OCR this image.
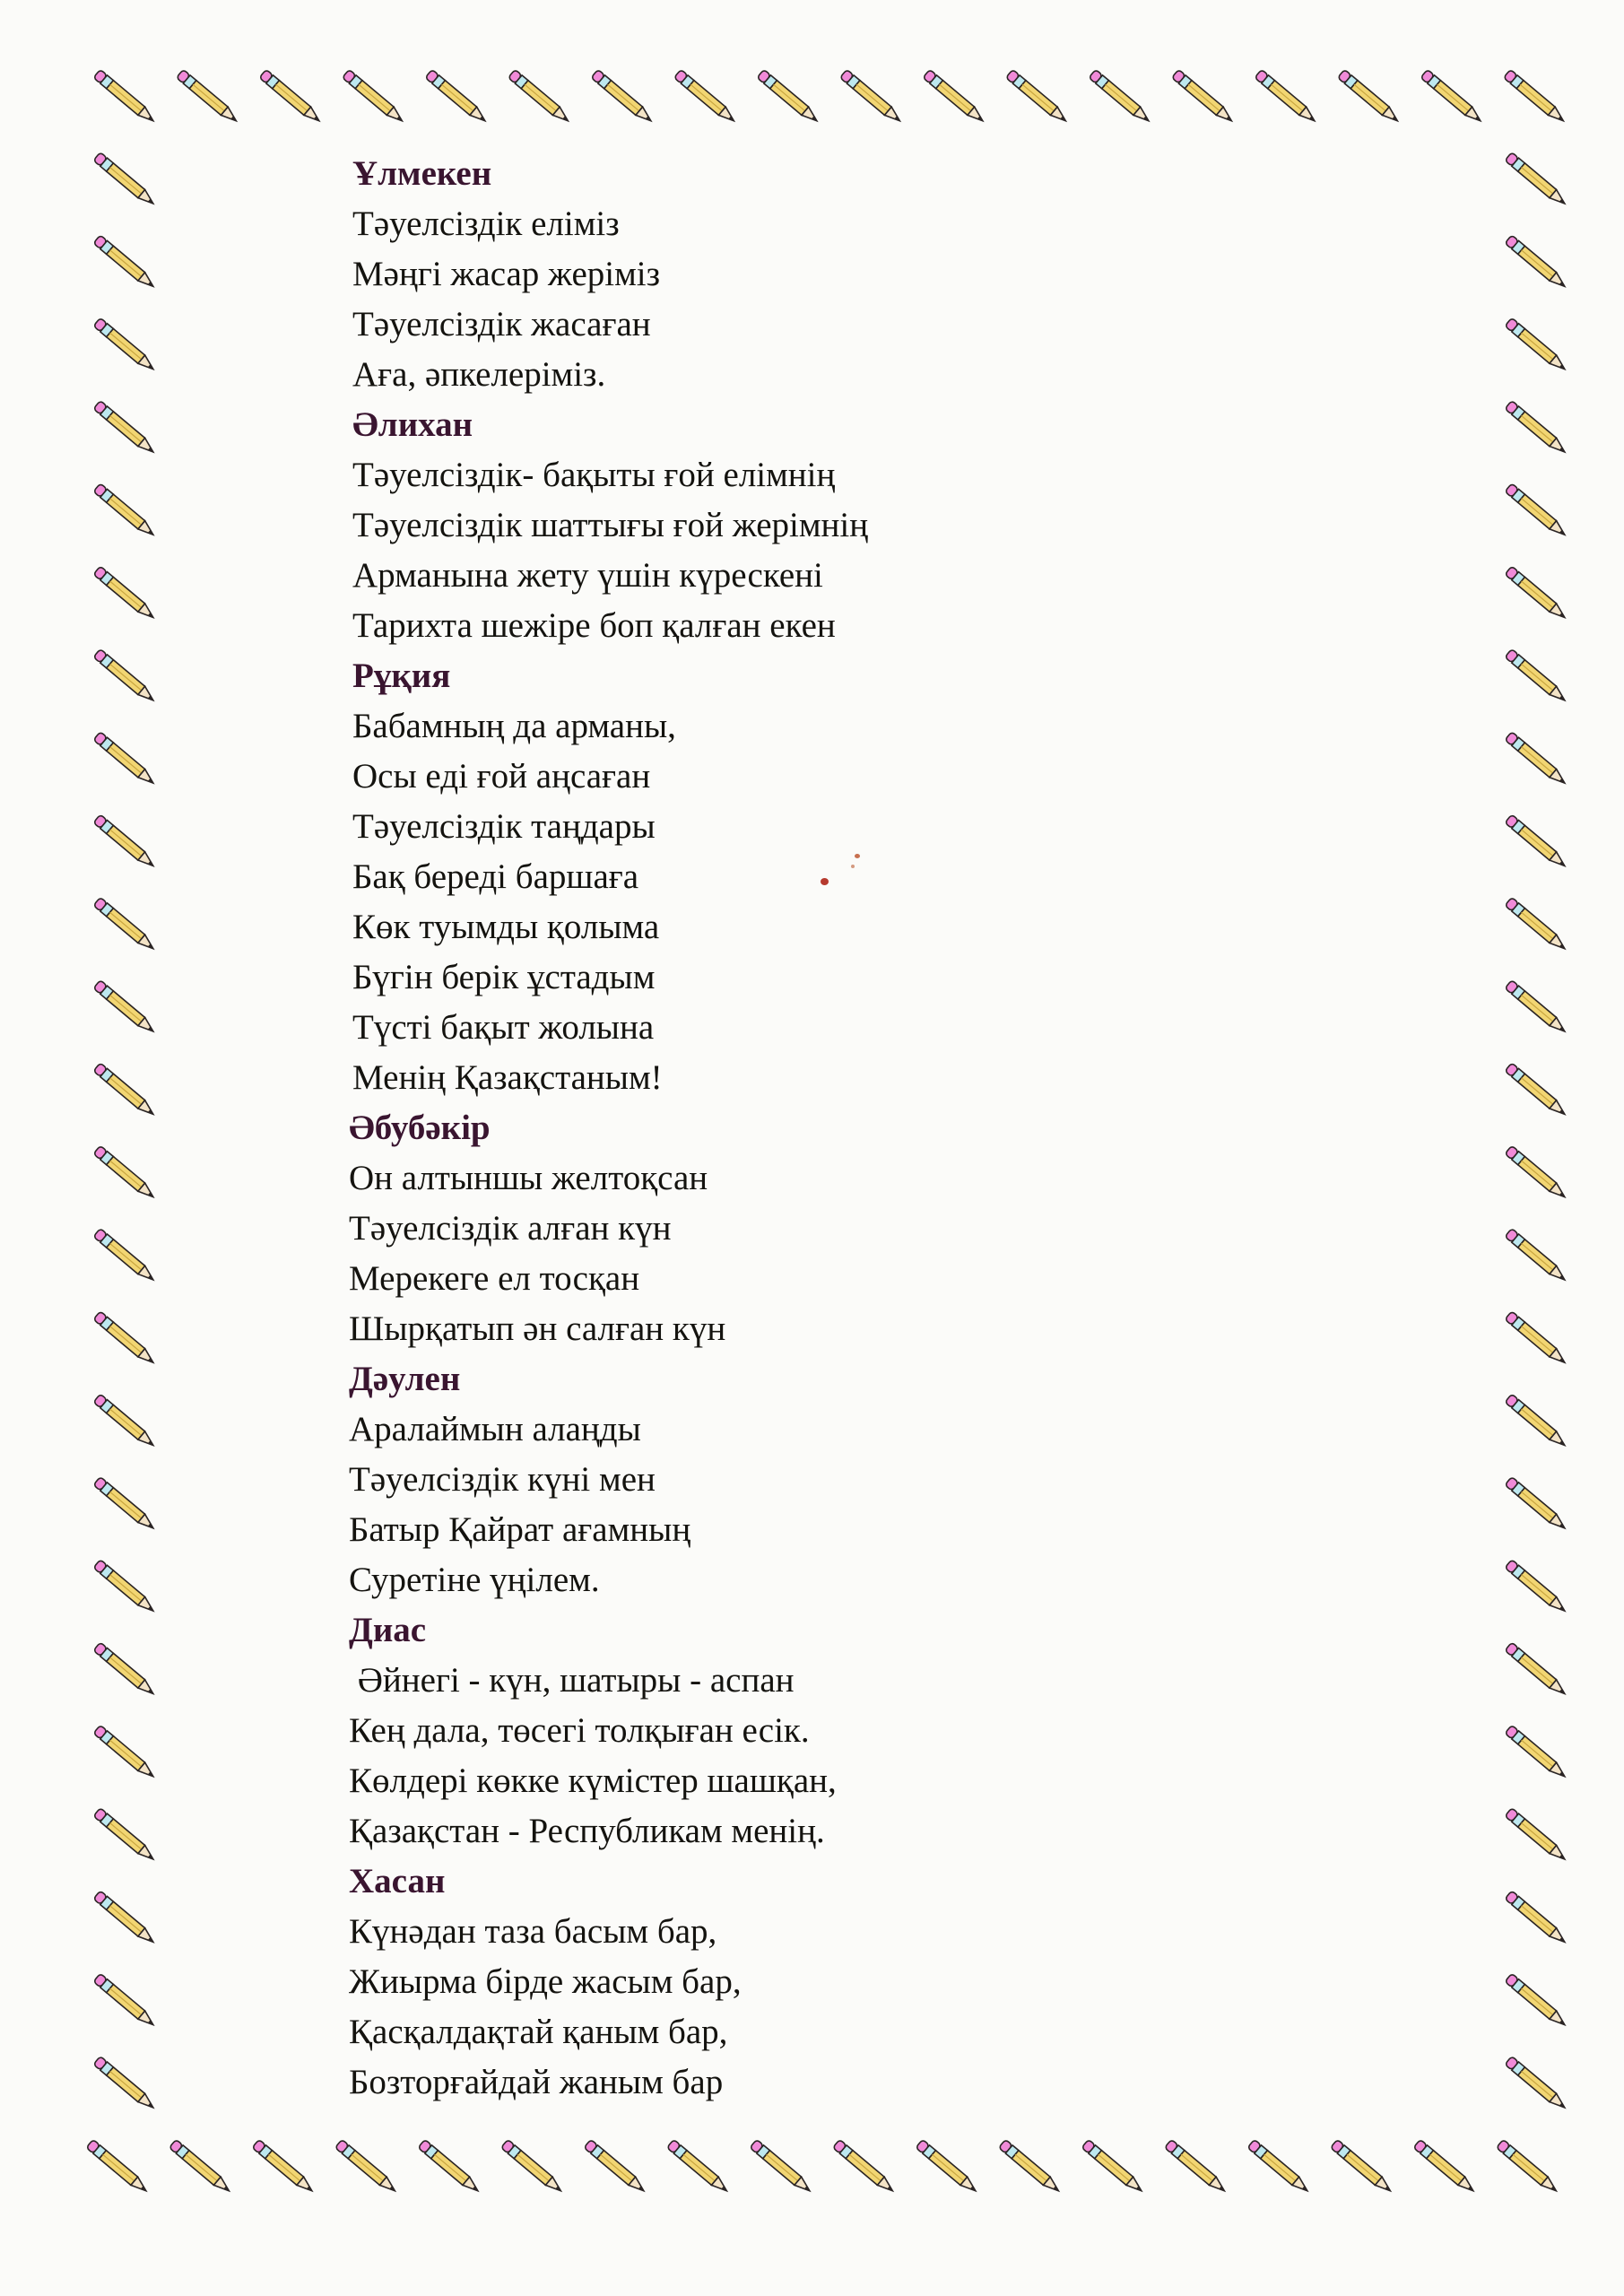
Ұлмекен
Тәуелсіздік еліміз
Мәңгі жасар жеріміз
Тәуелсіздік жасаған
Аға, әпкелеріміз.
Әлихан
Тәуелсіздік- бақыты ғой елімнің
Тәуелсіздік шаттығы ғой жерімнің
Арманына жету үшін күрескені
Тарихта шежіре боп қалған екен
Рұқия
Бабамның да арманы,
Осы еді ғой аңсаған
Тәуелсіздік таңдары
Бақ береді баршаға
Көк туымды қолыма
Бүгін берік ұстадым
Түсті бақыт жолына
Менің Қазақстаным!
Әбубәкір
Он алтыншы желтоқсан
Тәуелсіздік алған күн
Мерекеге ел тосқан
Шырқатып ән салған күн
Дәулен
Аралаймын алаңды
Тәуелсіздік күні мен
Батыр Қайрат ағамның
Суретіне үңілем.
Диас
Әйнегі - күн, шатыры - аспан
Кең дала, төсегі толқыған есік.
Көлдері көкке күмістер шашқан,
Қазақстан - Республикам менің.
Хасан
Күнәдан таза басым бар,
Жиырма бірде жасым бар,
Қасқалдақтай қаным бар,
Бозторғайдай жаным бар
